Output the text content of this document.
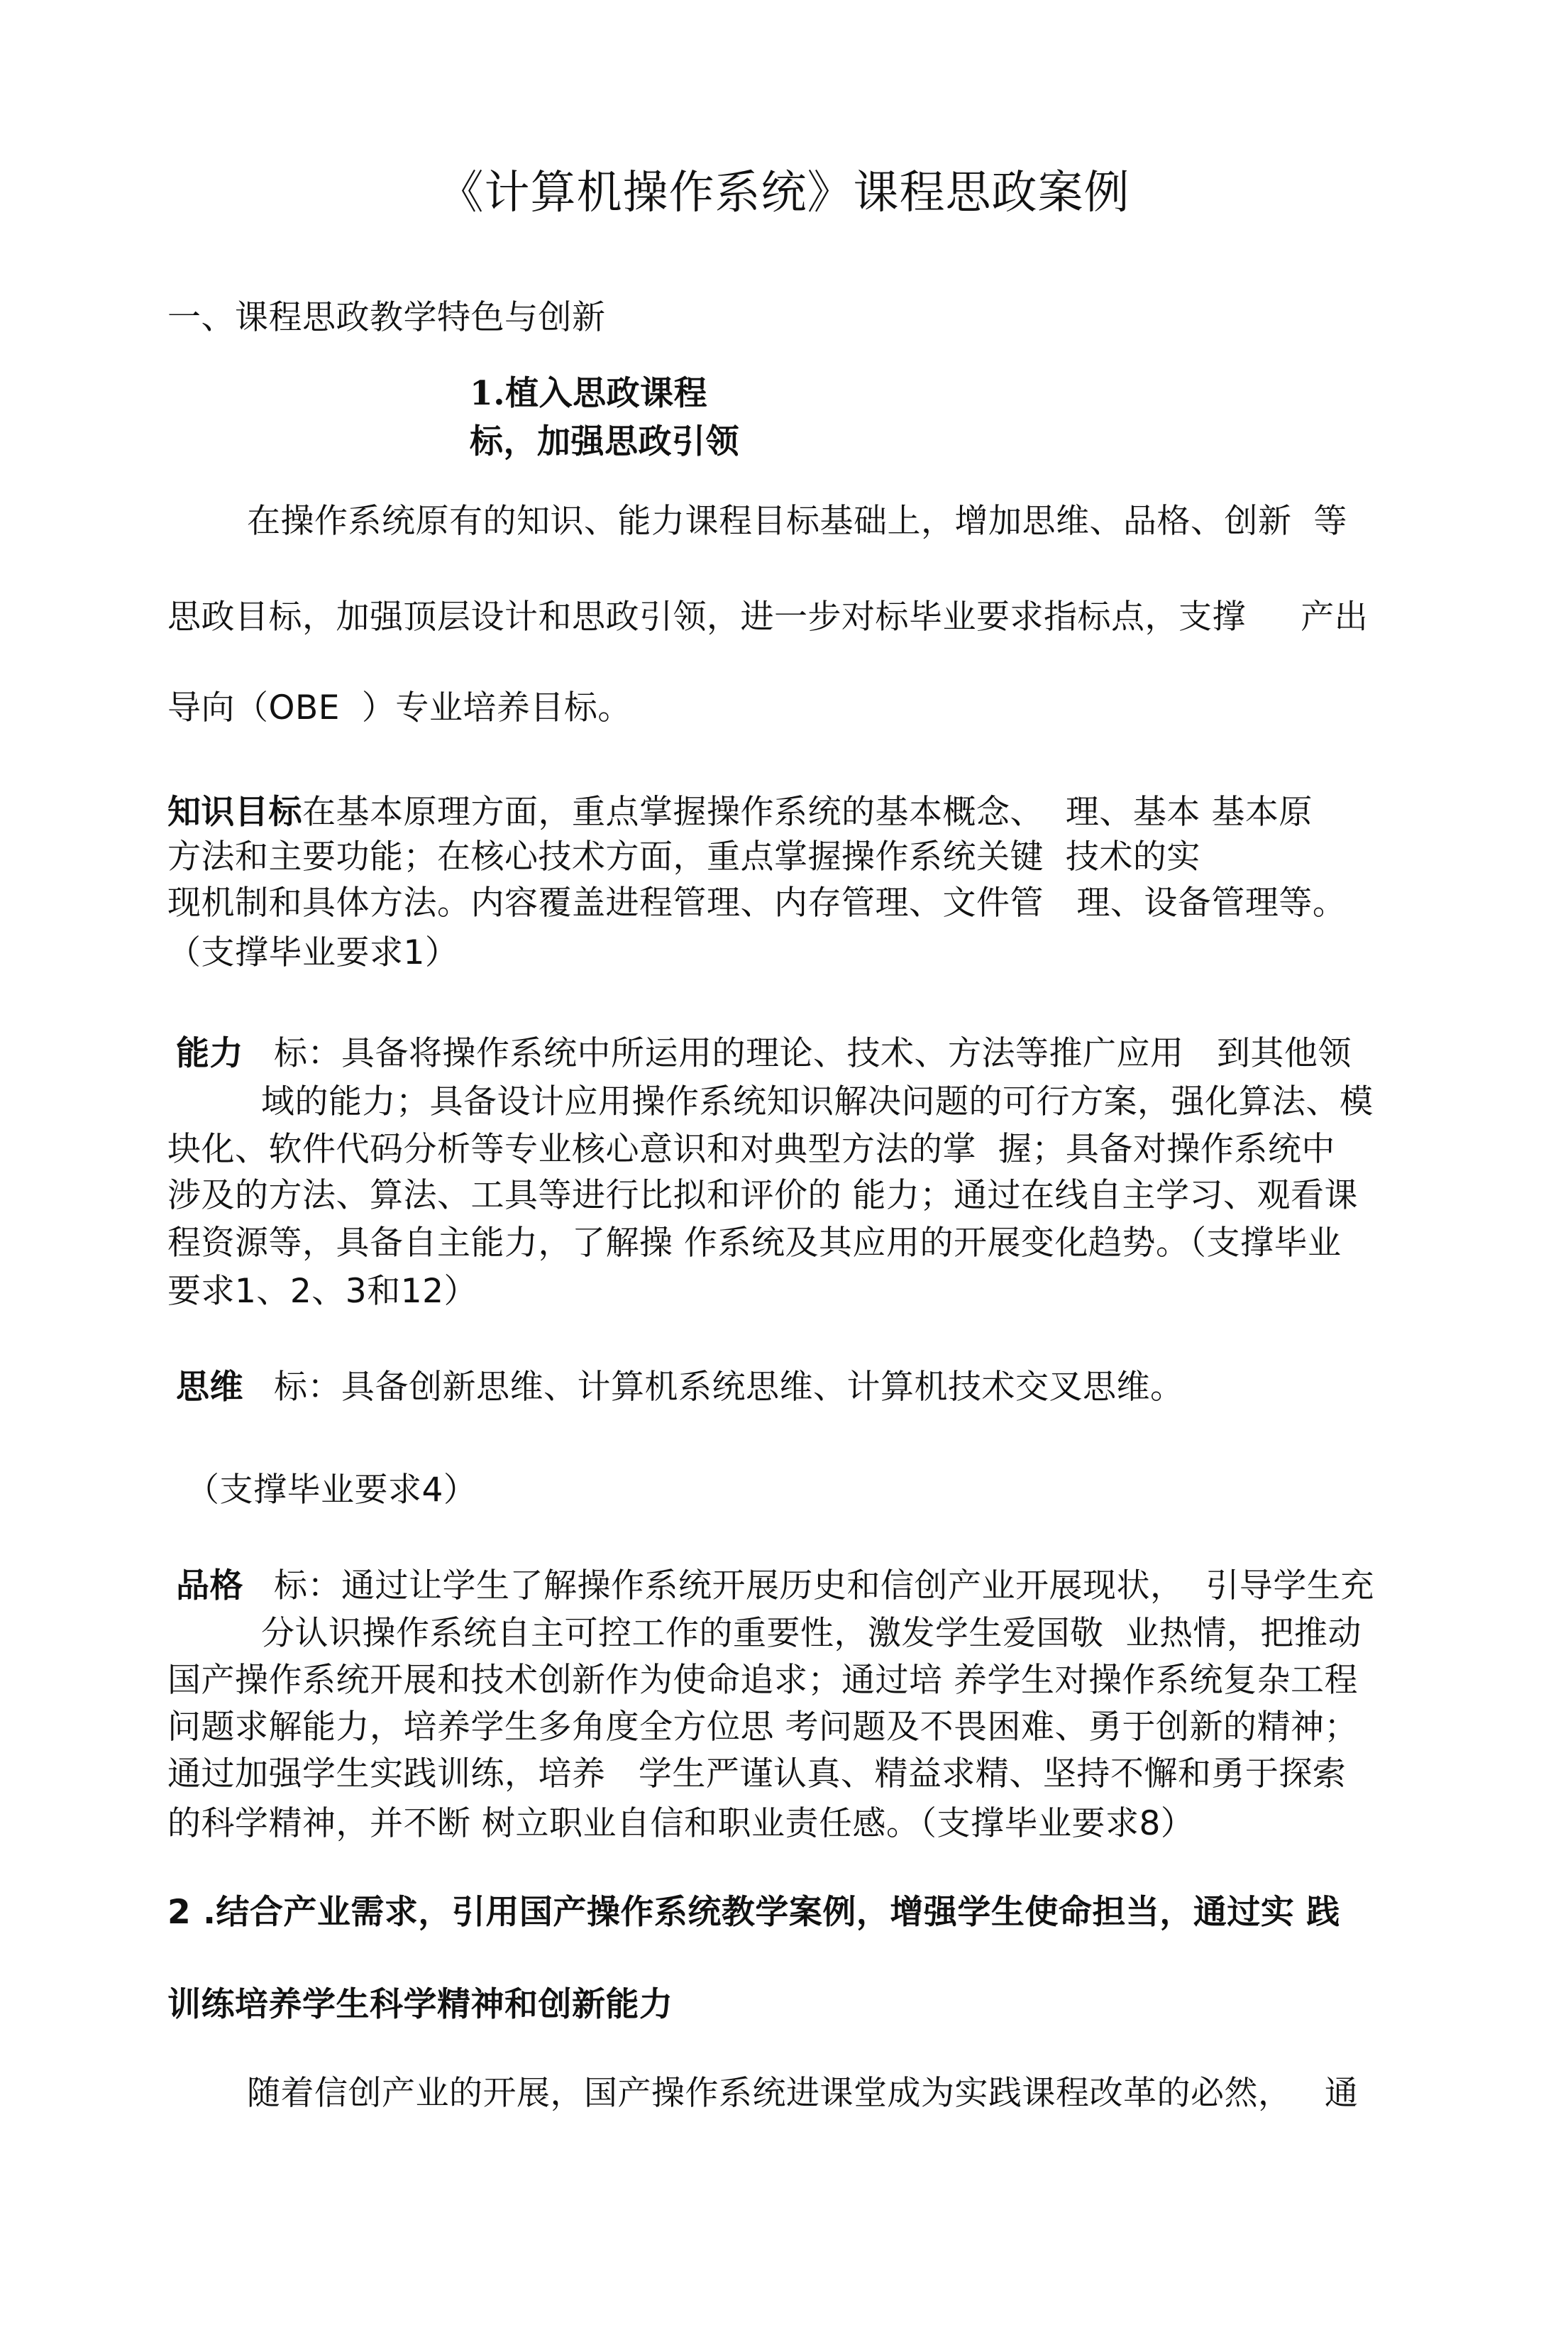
《计算机操作系统》课程思政案例
一、课程思政教学特色与创新
1.植入思政课程
标，加强思政引领
在操作系统原有的知识、能力课程目标基础上，增加思维、品格、创新  等
思政目标，加强顶层设计和思政引领，进一步对标毕业要求指标点，支撑     产出
导向（OBE  ）专业培养目标。
知识目标在基本原理方面，重点掌握操作系统的基本概念、  理、基本 基本原
方法和主要功能；在核心技术方面，重点掌握操作系统关键  技术的实
现机制和具体方法。内容覆盖进程管理、内存管理、文件管   理、设备管理等。
（支撑毕业要求1）
能力 标：具备将操作系统中所运用的理论、技术、方法等推广应用   到其他领
域的能力；具备设计应用操作系统知识解决问题的可行方案，强化算法、模
块化、软件代码分析等专业核心意识和对典型方法的掌  握；具备对操作系统中
涉及的方法、算法、工具等进行比拟和评价的 能力；通过在线自主学习、观看课
程资源等，具备自主能力，了解操 作系统及其应用的开展变化趋势。（支撑毕业
要求1、2、3和12）
思维 标：具备创新思维、计算机系统思维、计算机技术交叉思维。
（支撑毕业要求4）
品格 标：通过让学生了解操作系统开展历史和信创产业开展现状，  引导学生充
分认识操作系统自主可控工作的重要性，激发学生爱国敬  业热情，把推动
国产操作系统开展和技术创新作为使命追求；通过培 养学生对操作系统复杂工程
问题求解能力，培养学生多角度全方位思 考问题及不畏困难、勇于创新的精神；
通过加强学生实践训练，培养   学生严谨认真、精益求精、坚持不懈和勇于探索
的科学精神，并不断 树立职业自信和职业责任感。（支撑毕业要求8）
2 .结合产业需求，引用国产操作系统教学案例，增强学生使命担当，通过实 践
训练培养学生科学精神和创新能力
随着信创产业的开展，国产操作系统进课堂成为实践课程改革的必然，   通
